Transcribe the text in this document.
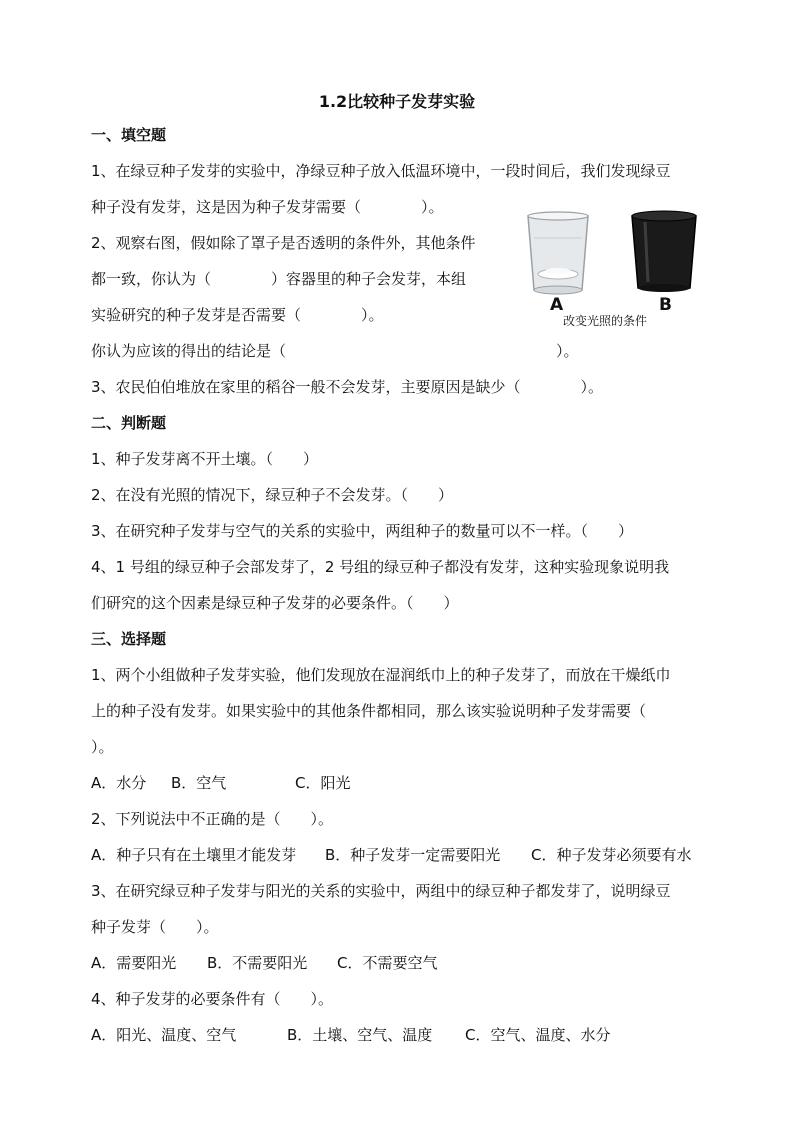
1.2比较种子发芽实验
一、填空题
1、在绿豆种子发芽的实验中，净绿豆种子放入低温环境中，一段时间后，我们发现绿豆
种子没有发芽，这是因为种子发芽需要（　　　　）。
2、观察右图，假如除了罩子是否透明的条件外，其他条件
都一致，你认为（　　　　）容器里的种子会发芽，本组
实验研究的种子发芽是否需要（　　　　）。
你认为应该的得出的结论是（　　　　　　　　　　　　　　　　　　）。
3、农民伯伯堆放在家里的稻谷一般不会发芽，主要原因是缺少（　　　　）。
A	B
改变光照的条件
二、判断题
1、种子发芽离不开土壤。（　　）
2、在没有光照的情况下，绿豆种子不会发芽。（　　）
3、在研究种子发芽与空气的关系的实验中，两组种子的数量可以不一样。（　　）
4、1 号组的绿豆种子会部发芽了，2 号组的绿豆种子都没有发芽，这种实验现象说明我
们研究的这个因素是绿豆种子发芽的必要条件。（　　）
三、选择题
1、两个小组做种子发芽实验，他们发现放在湿润纸巾上的种子发芽了，而放在干燥纸巾
上的种子没有发芽。如果实验中的其他条件都相同，那么该实验说明种子发芽需要（
）。
A．水分 B．空气	C．阳光
2、下列说法中不正确的是（　　）。
A．种子只有在土壤里才能发芽 B．种子发芽一定需要阳光 C．种子发芽必须要有水
3、在研究绿豆种子发芽与阳光的关系的实验中，两组中的绿豆种子都发芽了，说明绿豆
种子发芽（　　）。
A．需要阳光 B．不需要阳光 C．不需要空气
4、种子发芽的必要条件有（　　）。
A．阳光、温度、空气	B．土壤、空气、温度 C．空气、温度、水分
